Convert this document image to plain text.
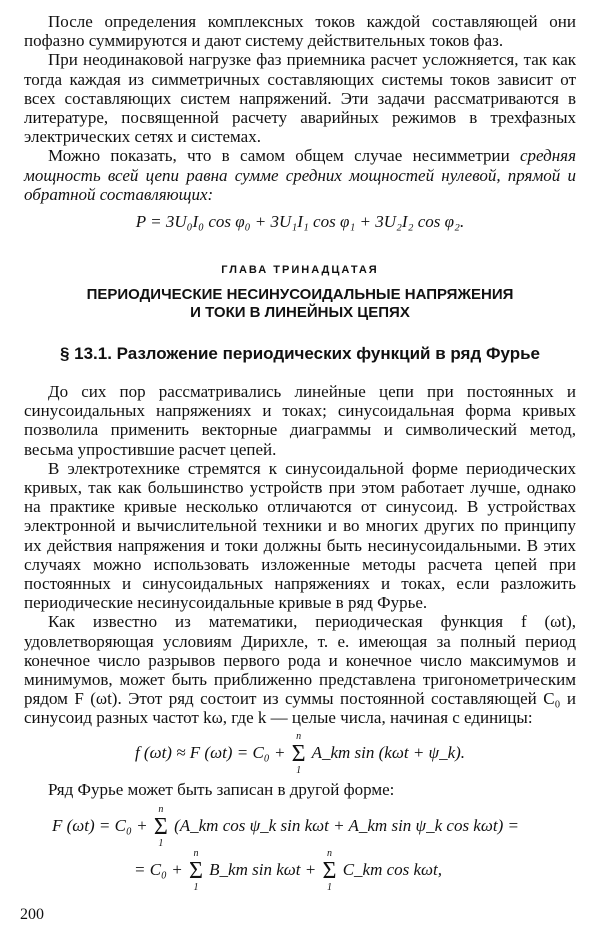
После определения комплексных токов каждой составляющей они пофазно суммируются и дают систему действительных токов фаз.

При неодинаковой нагрузке фаз приемника расчет усложняется, так как тогда каждая из симметричных составляющих системы токов зависит от всех составляющих систем напряжений. Эти задачи рассматриваются в литературе, посвященной расчету аварийных режимов в трехфазных электрических сетях и системах.

Можно показать, что в самом общем случае несимметрии средняя мощность всей цепи равна сумме средних мощностей нулевой, прямой и обратной составляющих:

P = 3U₀I₀ cos φ₀ + 3U₁I₁ cos φ₁ + 3U₂I₂ cos φ₂.
ГЛАВА ТРИНАДЦАТАЯ
ПЕРИОДИЧЕСКИЕ НЕСИНУСОИДАЛЬНЫЕ НАПРЯЖЕНИЯ
И ТОКИ В ЛИНЕЙНЫХ ЦЕПЯХ
§ 13.1. Разложение периодических функций в ряд Фурье

До сих пор рассматривались линейные цепи при постоянных и синусоидальных напряжениях и токах; синусоидальная форма кривых позволила применить векторные диаграммы и символический метод, весьма упростившие расчет цепей.

В электротехнике стремятся к синусоидальной форме периодических кривых, так как большинство устройств при этом работает лучше, однако на практике кривые несколько отличаются от синусоид. В устройствах электронной и вычислительной техники и во многих других по принципу их действия напряжения и токи должны быть несинусоидальными. В этих случаях можно использовать изложенные методы расчета цепей при постоянных и синусоидальных напряжениях и токах, если разложить периодические несинусоидальные кривые в ряд Фурье.

Как известно из математики, периодическая функция f (ωt), удовлетворяющая условиям Дирихле, т. е. имеющая за полный период конечное число разрывов первого рода и конечное число максимумов и минимумов, может быть приближенно представлена тригонометрическим рядом F (ωt). Этот ряд состоит из суммы постоянной составляющей C₀ и синусоид разных частот kω, где k — целые числа, начиная с единицы:

f (ωt) ≈ F (ωt) = C₀ +
n
Σ
1
A_km sin (kωt + ψ_k).

Ряд Фурье может быть записан в другой форме:

F (ωt) = C₀ +
n
Σ
1
(A_km cos ψ_k sin kωt + A_km sin ψ_k cos kωt) =
= C₀ +
n
Σ
1
B_km sin kωt +
n
Σ
1
C_km cos kωt,
200
